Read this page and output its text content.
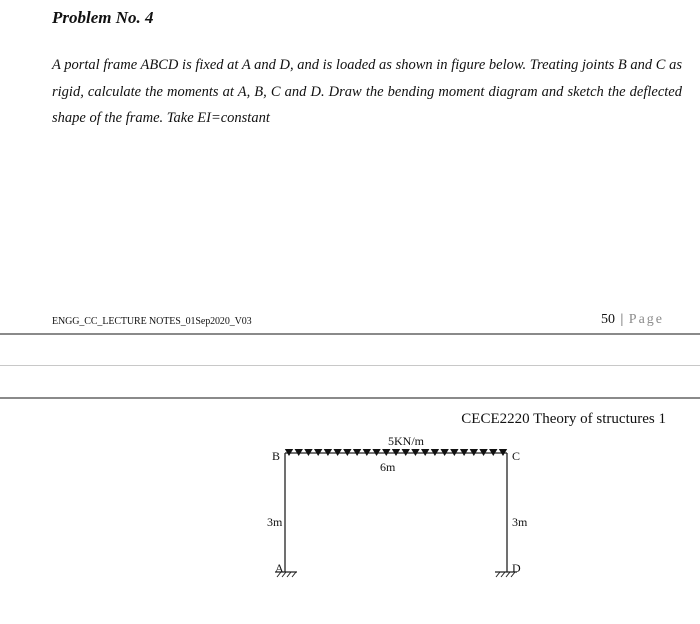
Problem No. 4
A portal frame ABCD is fixed at A and D, and is loaded as shown in figure below. Treating joints B and C as rigid, calculate the moments at A, B, C and D. Draw the bending moment diagram and sketch the deflected shape of the frame. Take EI=constant
ENGG_CC_LECTURE NOTES_01Sep2020_V03	50 | Page
CECE2220 Theory of structures 1
5KN/m
6m
3m	3m
B	C
A	D
